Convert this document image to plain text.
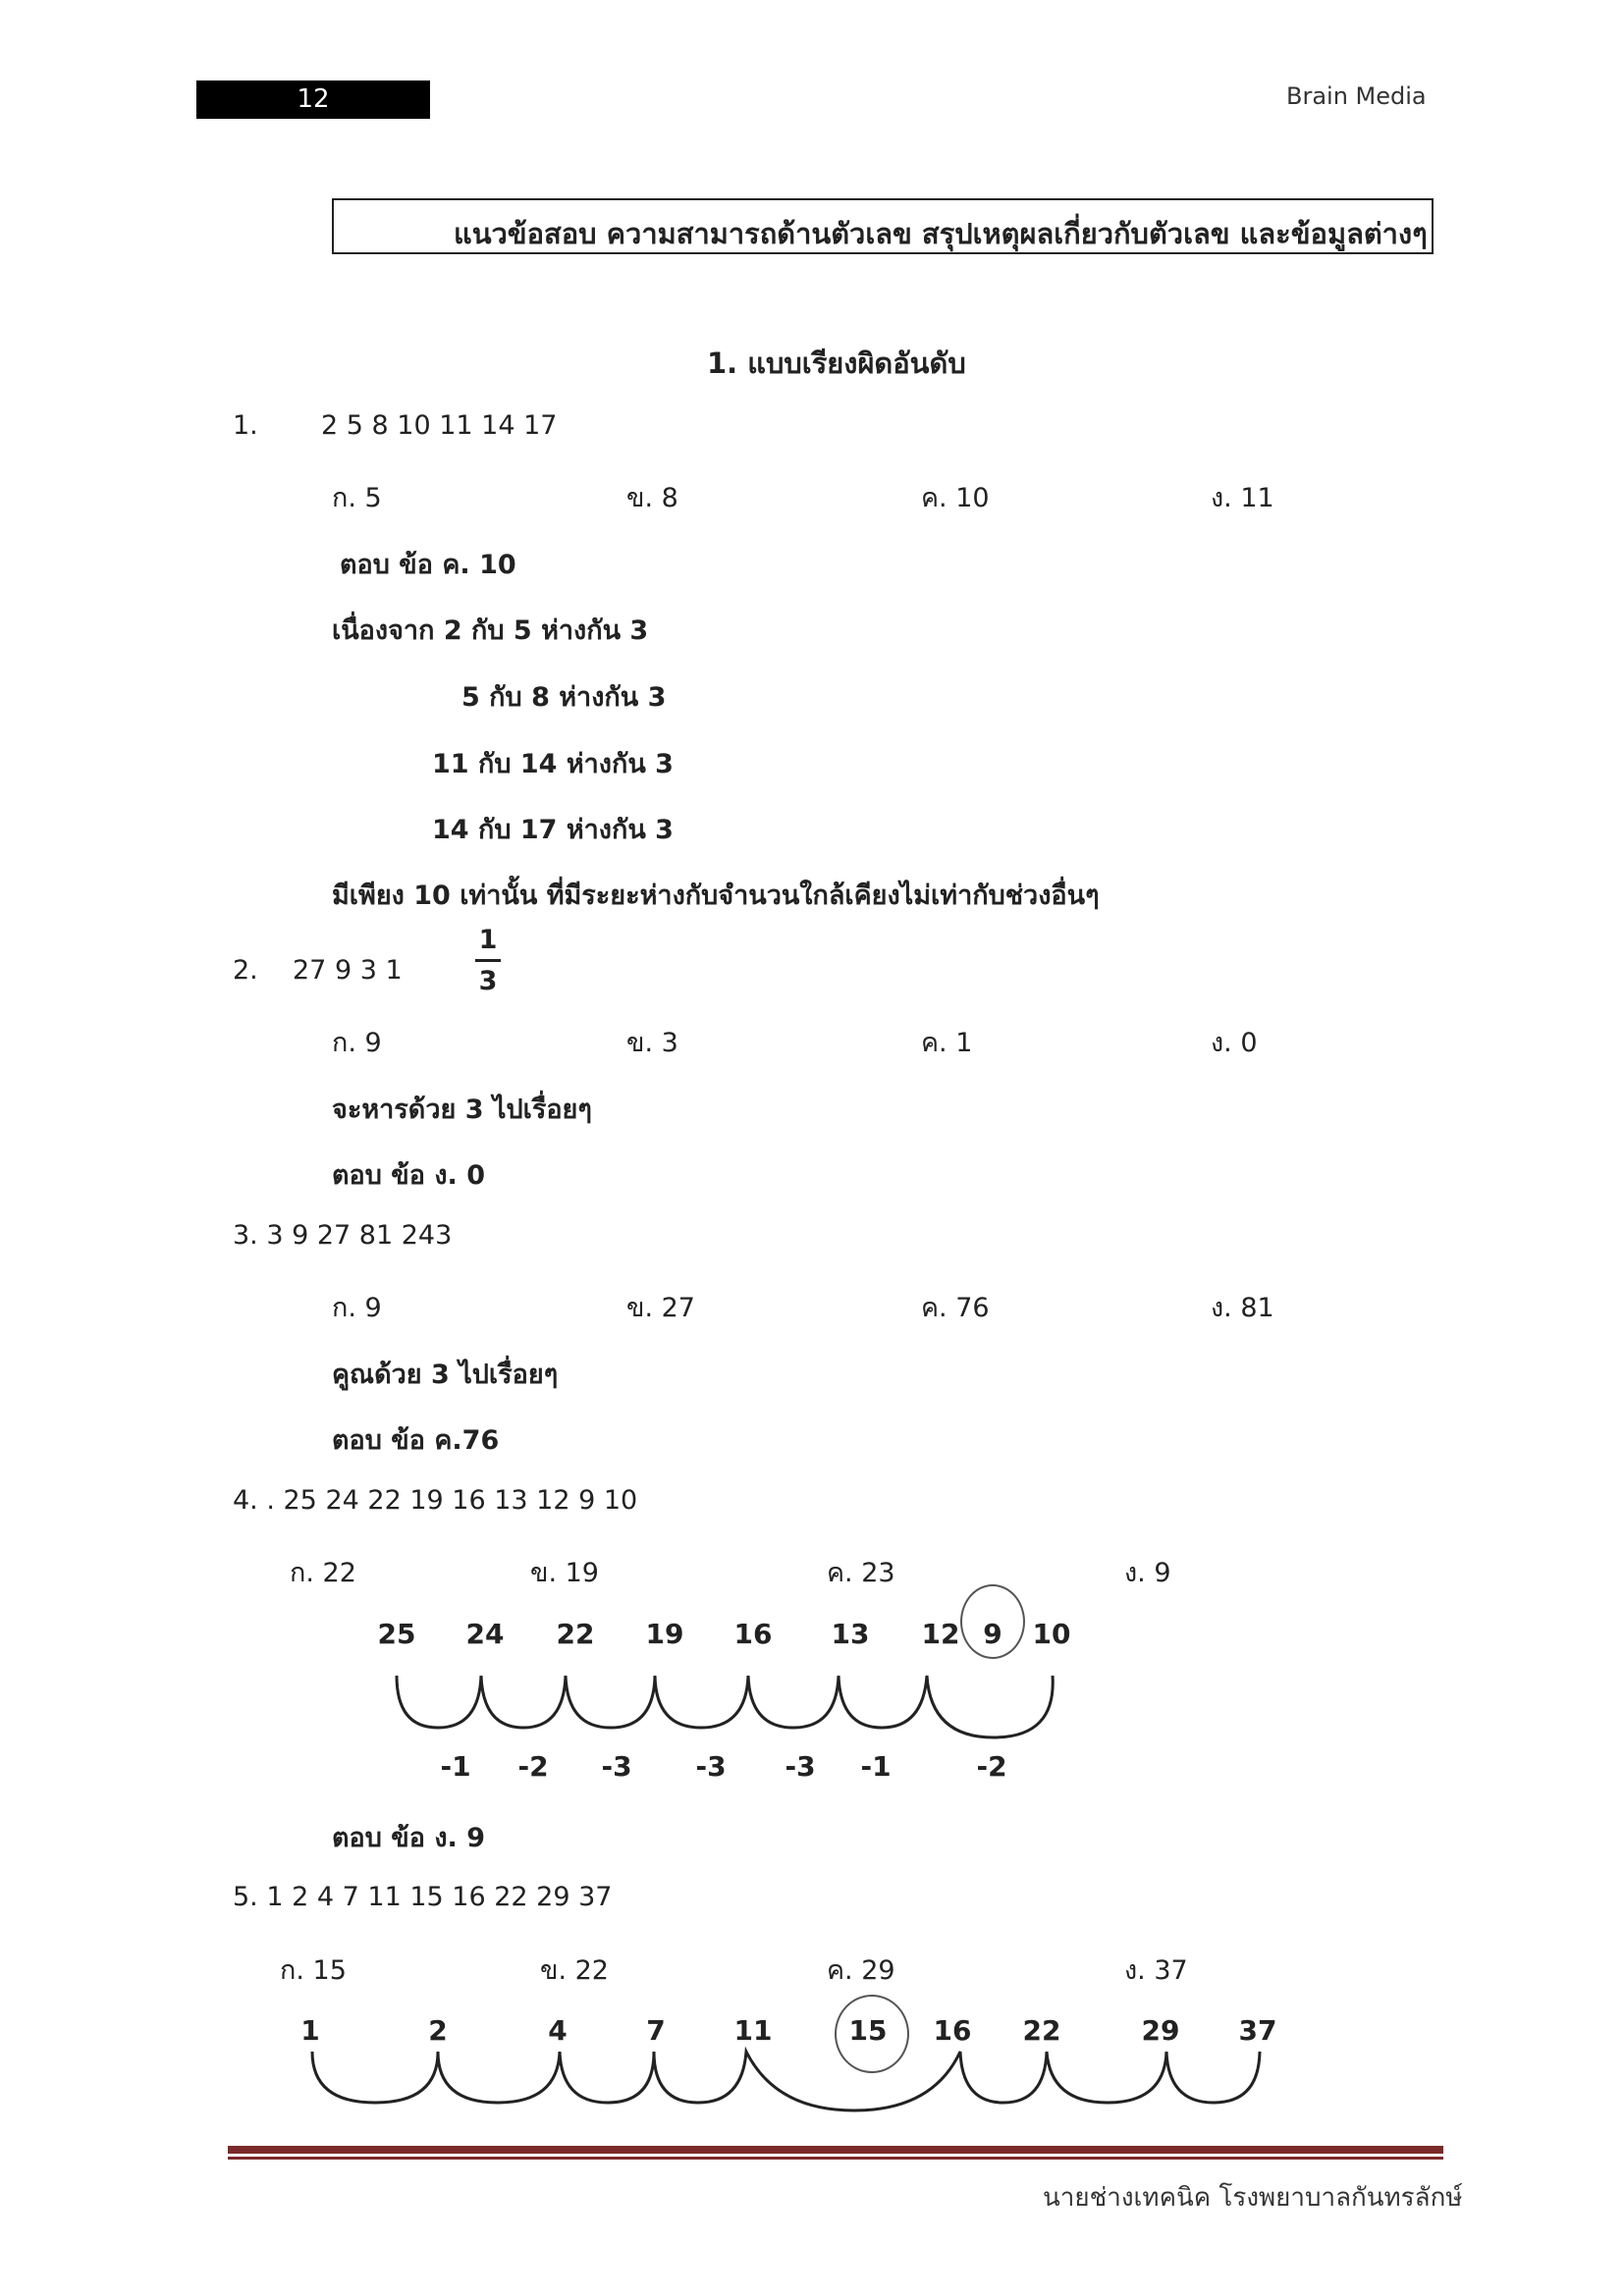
12	Brain Media
แนวข้อสอบ ความสามารถด้านตัวเลข สรุปเหตุผลเกี่ยวกับตัวเลข และข้อมูลต่างๆ
1. แบบเรียงผิดอันดับ
1. 2 5 8 10 11 14 17
ก. 5	ข. 8	ค. 10	ง. 11
ตอบ ข้อ ค. 10
เนื่องจาก 2 กับ 5 ห่างกัน 3
5 กับ 8 ห่างกัน 3
11 กับ 14 ห่างกัน 3
14 กับ 17 ห่างกัน 3
มีเพียง 10 เท่านั้น ที่มีระยะห่างกับจำนวนใกล้เคียงไม่เท่ากับช่วงอื่นๆ
2. 27 9 3 1
1
3
ก. 9	ข. 3	ค. 1	ง. 0
จะหารด้วย 3 ไปเรื่อยๆ
ตอบ ข้อ ง. 0
3. 3 9 27 81 243
ก. 9	ข. 27	ค. 76	ง. 81
คูณด้วย 3 ไปเรื่อยๆ
ตอบ ข้อ ค.76
4. . 25 24 22 19 16 13 12 9 10
ก. 22	ข. 19	ค. 23	ง. 9
25 24 22 19 16 13 12 9 10
-1 -2 -3 -3 -3 -1	-2
ตอบ ข้อ ง. 9
5. 1 2 4 7 11 15 16 22 29 37
ก. 15	ข. 22	ค. 29	ง. 37
1	2	4	7 11	15 16 22	29 37
นายช่างเทคนิค โรงพยาบาลกันทรลักษ์
